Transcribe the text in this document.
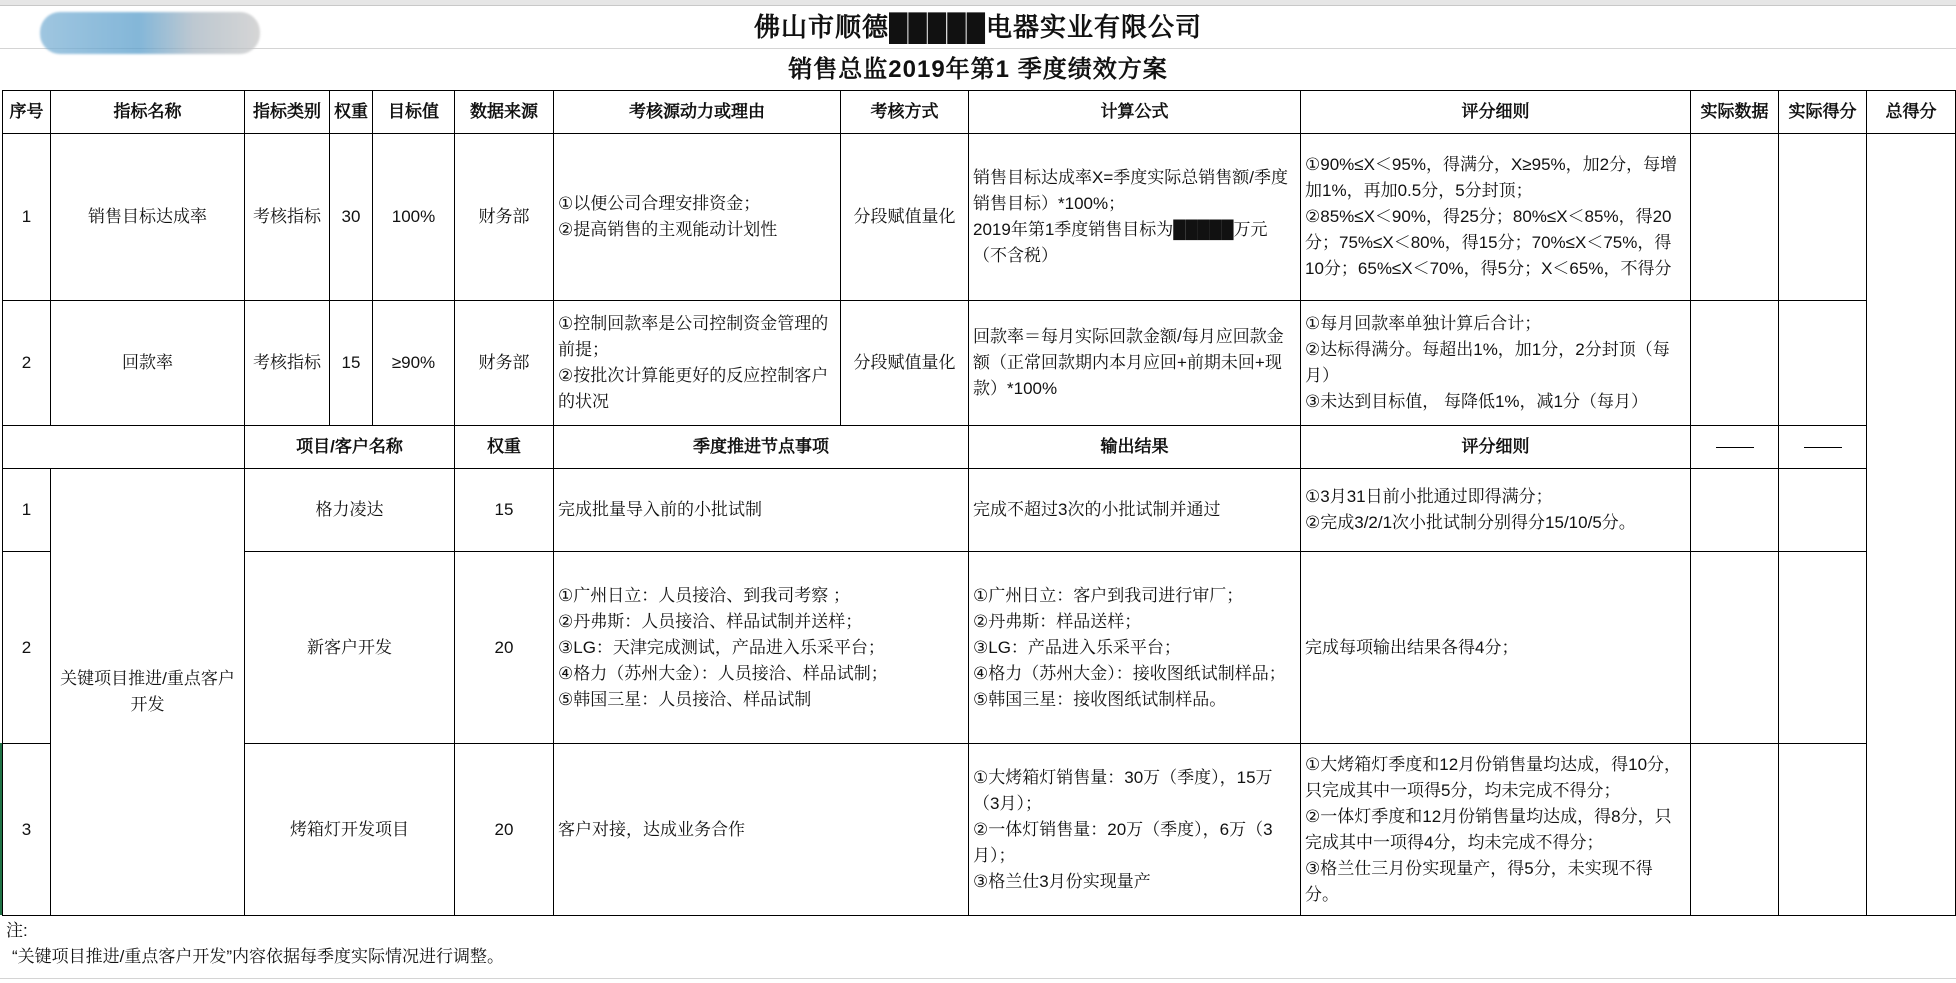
佛山市顺德█████电器实业有限公司
销售总监2019年第1 季度绩效方案
序号	指标名称	指标类别	权重	目标值	数据来源	考核源动力或理由	考核方式	计算公式	评分细则	实际数据	实际得分	总得分
1	销售目标达成率	考核指标	30	100%	财务部	①以便公司合理安排资金；
②提高销售的主观能动计划性	分段赋值量化	销售目标达成率X=季度实际总销售额/季度销售目标）*100%；
2019年第1季度销售目标为█████万元（不含税）	①90%≤X＜95%，得满分，X≥95%，加2分，每增加1%，再加0.5分，5分封顶；
②85%≤X＜90%，得25分；80%≤X＜85%，得20分；75%≤X＜80%，得15分；70%≤X＜75%，得10分；65%≤X＜70%，得5分；X＜65%，不得分			

2	回款率	考核指标	15	≥90%	财务部	①控制回款率是公司控制资金管理的前提；
②按批次计算能更好的反应控制客户的状况	分段赋值量化	回款率＝每月实际回款金额/每月应回款金额（正常回款期内本月应回+前期未回+现款）*100%	①每月回款率单独计算后合计；
②达标得满分。每超出1%，加1分，2分封顶（每月）
③未达到目标值， 每降低1%，减1分（每月）			

		项目/客户名称			权重	季度推进节点事项		输出结果	评分细则			
1	关键项目推进/重点客户开发	格力凌达			15	完成批量导入前的小批试制		完成不超过3次的小批试制并通过	①3月31日前小批通过即得满分；
②完成3/2/1次小批试制分别得分15/10/5分。			

2		新客户开发			20	①广州日立：人员接洽、到我司考察 ；
②丹弗斯：人员接洽、样品试制并送样；
③LG：天津完成测试，产品进入乐采平台；
④格力（苏州大金）：人员接洽、样品试制；
⑤韩国三星：人员接洽、样品试制		①广州日立：客户到我司进行审厂；
②丹弗斯：样品送样；
③LG：产品进入乐采平台；
④格力（苏州大金）：接收图纸试制样品；
⑤韩国三星：接收图纸试制样品。	完成每项输出结果各得4分；			

3		烤箱灯开发项目			20	客户对接，达成业务合作		①大烤箱灯销售量：30万（季度），15万（3月）；
②一体灯销售量：20万（季度），6万（3月）；
③格兰仕3月份实现量产	①大烤箱灯季度和12月份销售量均达成，得10分，只完成其中一项得5分，均未完成不得分；
②一体灯季度和12月份销售量均达成，得8分，只完成其中一项得4分，均未完成不得分；
③格兰仕三月份实现量产，得5分，未实现不得分。			

注:
“关键项目推进/重点客户开发”内容依据每季度实际情况进行调整。
